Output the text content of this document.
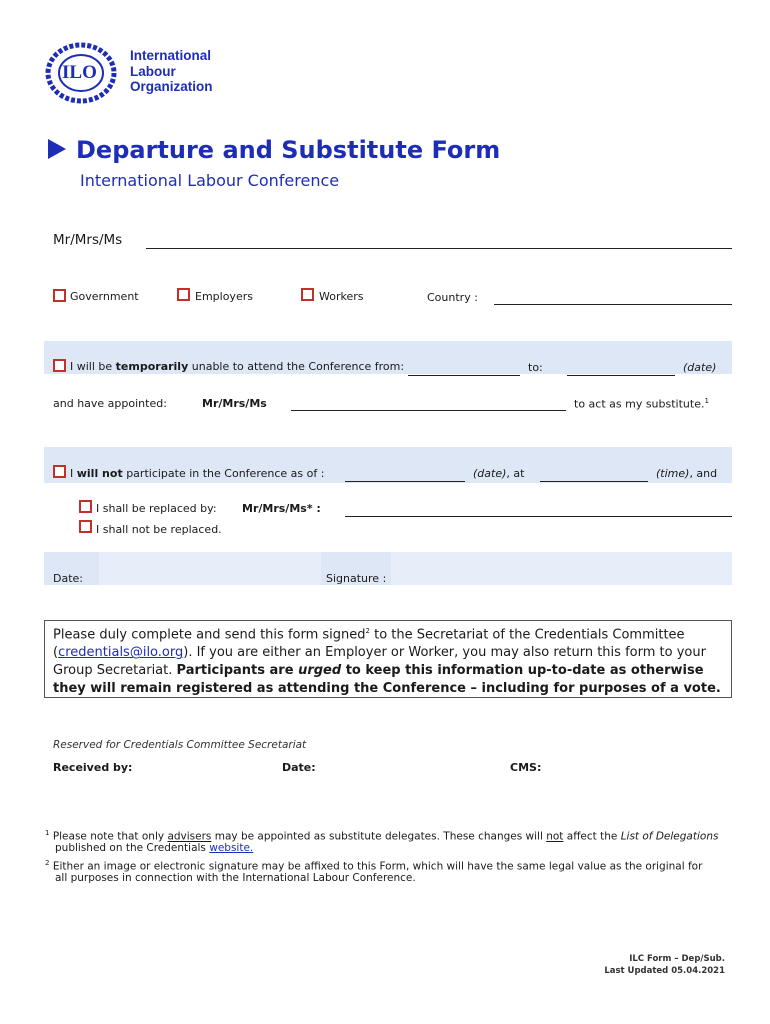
ILO
International
Labour
Organization
Departure and Substitute Form
International Labour Conference
Mr/Mrs/Ms
Government	Employers	Workers	Country :
I will be temporarily unable to attend the Conference from:	to:	(date)
and have appointed:	Mr/Mrs/Ms	to act as my substitute.$^1$
I will not participate in the Conference as of :	(date), at	(time), and
I shall be replaced by: Mr/Mrs/Ms* :
I shall not be replaced.
Date:	Signature :
Please duly complete and send this form signed$^2$ to the Secretariat of the Credentials Committee (credentials@ilo.org). If you are either an Employer or Worker, you may also return this form to your Group Secretariat. Participants are urged to keep this information up-to-date as otherwise they will remain registered as attending the Conference – including for purposes of a vote.
Reserved for Credentials Committee Secretariat
Received by:	Date:	CMS:
$^1$ Please note that only advisers may be appointed as substitute delegates. These changes will not affect the List of Delegations
published on the Credentials website.
$^2$ Either an image or electronic signature may be affixed to this Form, which will have the same legal value as the original for
all purposes in connection with the International Labour Conference.
ILC Form – Dep/Sub.
Last Updated 05.04.2021
